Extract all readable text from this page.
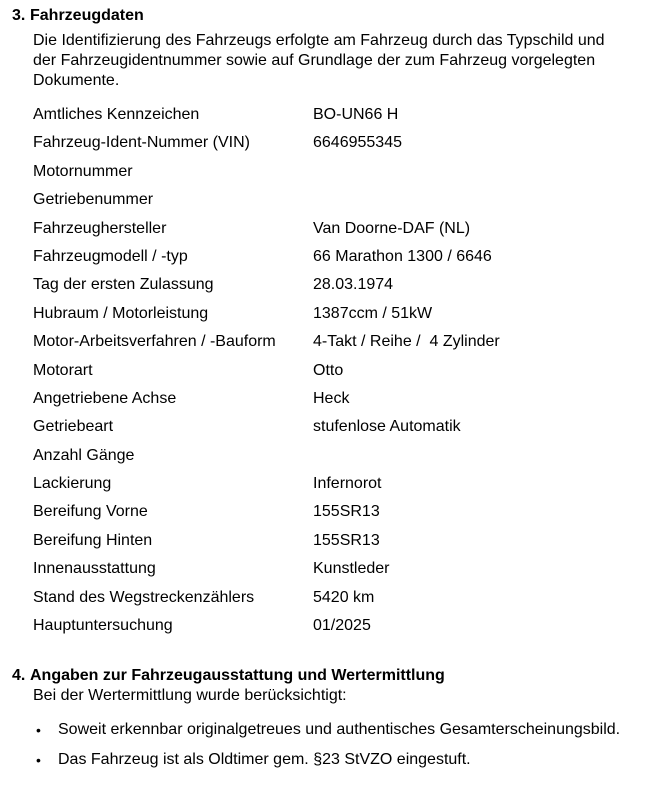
3. Fahrzeugdaten
Die Identifizierung des Fahrzeugs erfolgte am Fahrzeug durch das Typschild und
der Fahrzeugidentnummer sowie auf Grundlage der zum Fahrzeug vorgelegten
Dokumente.
Amtliches Kennzeichen	BO-UN66 H
Fahrzeug-Ident-Nummer (VIN)	6646955345
Motornummer
Getriebenummer
Fahrzeughersteller	Van Doorne-DAF (NL)
Fahrzeugmodell / -typ	66 Marathon 1300 / 6646
Tag der ersten Zulassung	28.03.1974
Hubraum / Motorleistung	1387ccm / 51kW
Motor-Arbeitsverfahren / -Bauform	4-Takt / Reihe /  4 Zylinder
Motorart	Otto
Angetriebene Achse	Heck
Getriebeart	stufenlose Automatik
Anzahl Gänge
Lackierung	Infernorot
Bereifung Vorne	155SR13
Bereifung Hinten	155SR13
Innenausstattung	Kunstleder
Stand des Wegstreckenzählers	5420 km
Hauptuntersuchung	01/2025
4. Angaben zur Fahrzeugausstattung und Wertermittlung

Bei der Wertermittlung wurde berücksichtigt:

•	Soweit erkennbar originalgetreues und authentisches Gesamterscheinungsbild.
•	Das Fahrzeug ist als Oldtimer gem. §23 StVZO eingestuft.
